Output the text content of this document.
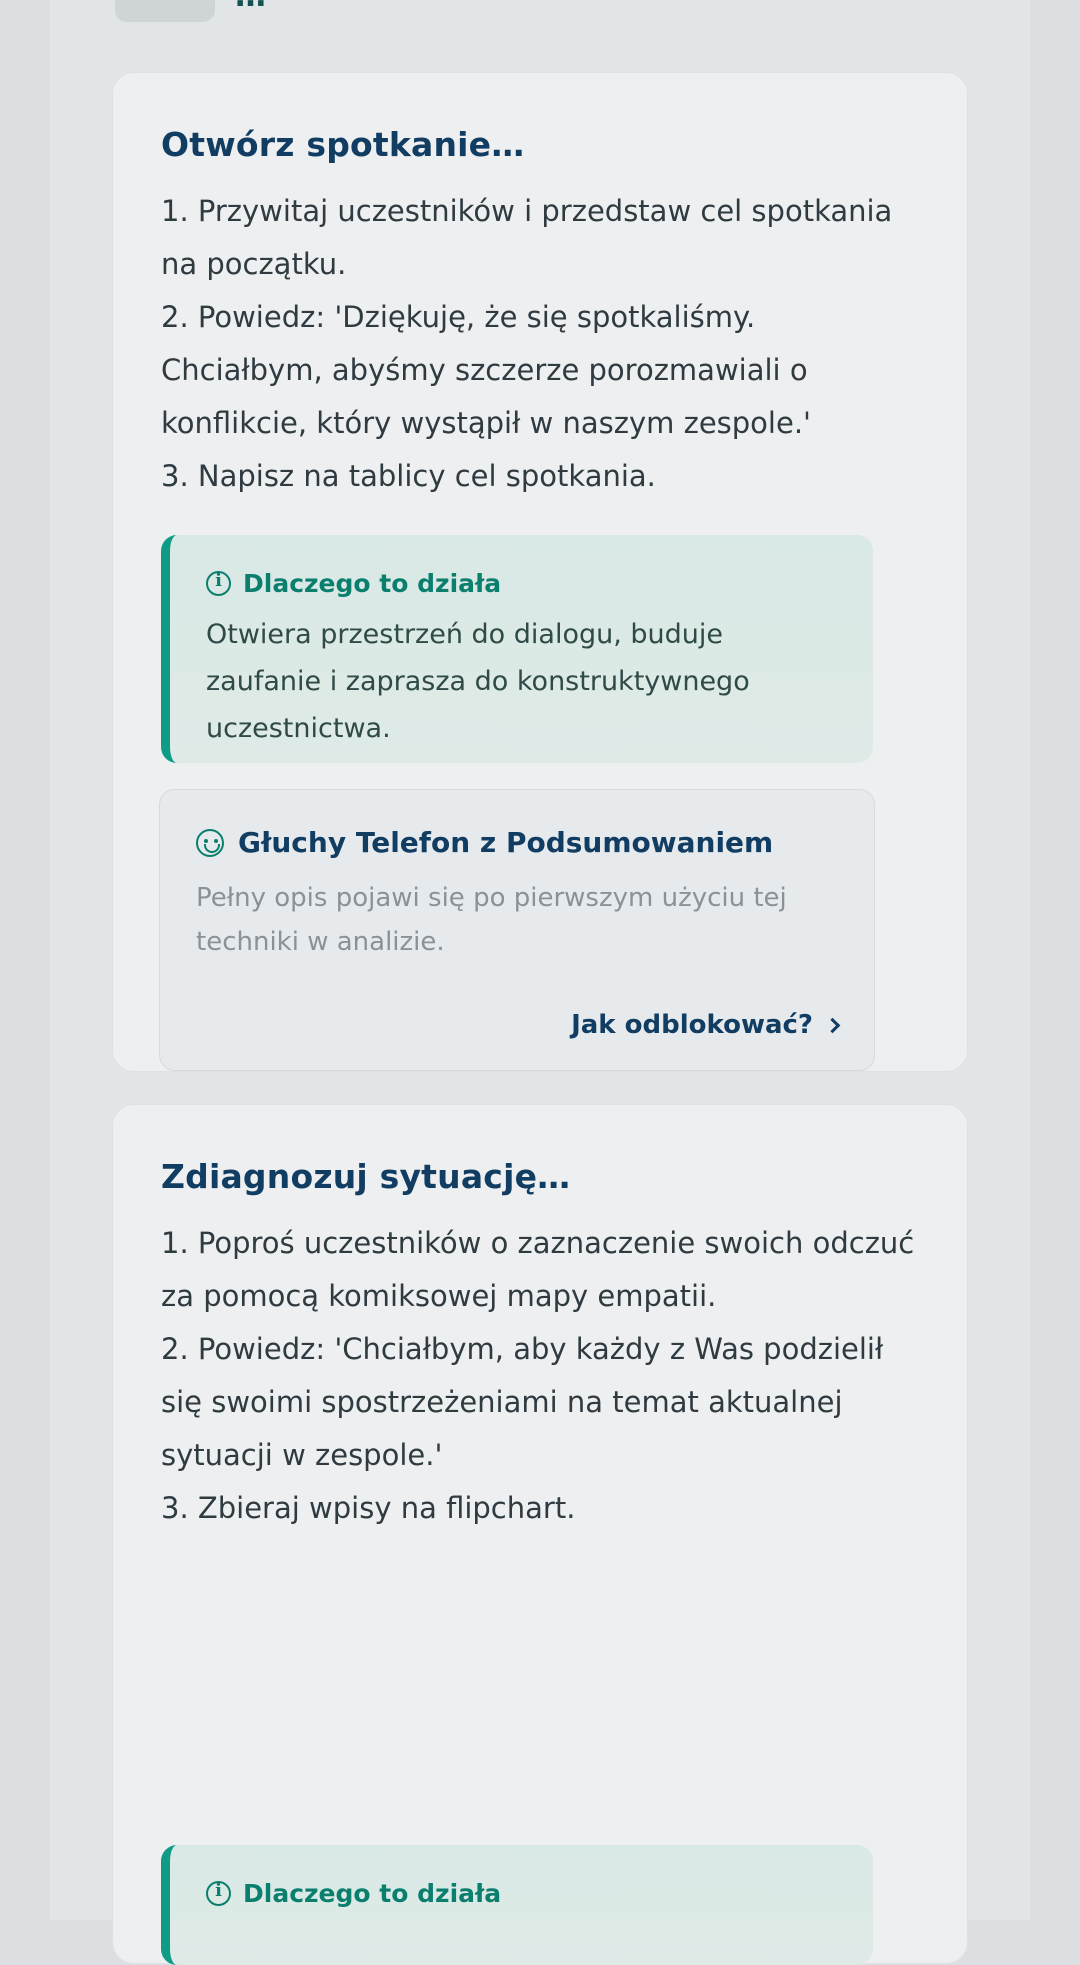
Otwórz spotkanie…

1. Przywitaj uczestników i przedstaw cel spotkania na początku.

2. Powiedz: 'Dziękuję, że się spotkaliśmy. Chciałbym, abyśmy szczerze porozmawiali o konflikcie, który wystąpił w naszym zespole.'

3. Napisz na tablicy cel spotkania.

i
Dlaczego to działa
Otwiera przestrzeń do dialogu, buduje zaufanie i zaprasza do konstruktywnego uczestnictwa.
Głuchy Telefon z Podsumowaniem
Pełny opis pojawi się po pierwszym użyciu tej techniki w analizie.
Jak odblokować?
Zdiagnozuj sytuację…

1. Poproś uczestników o zaznaczenie swoich odczuć za pomocą komiksowej mapy empatii.

2. Powiedz: 'Chciałbym, aby każdy z Was podzielił się swoimi spostrzeżeniami na temat aktualnej sytuacji w zespole.'

3. Zbieraj wpisy na flipchart.

i
Dlaczego to działa
